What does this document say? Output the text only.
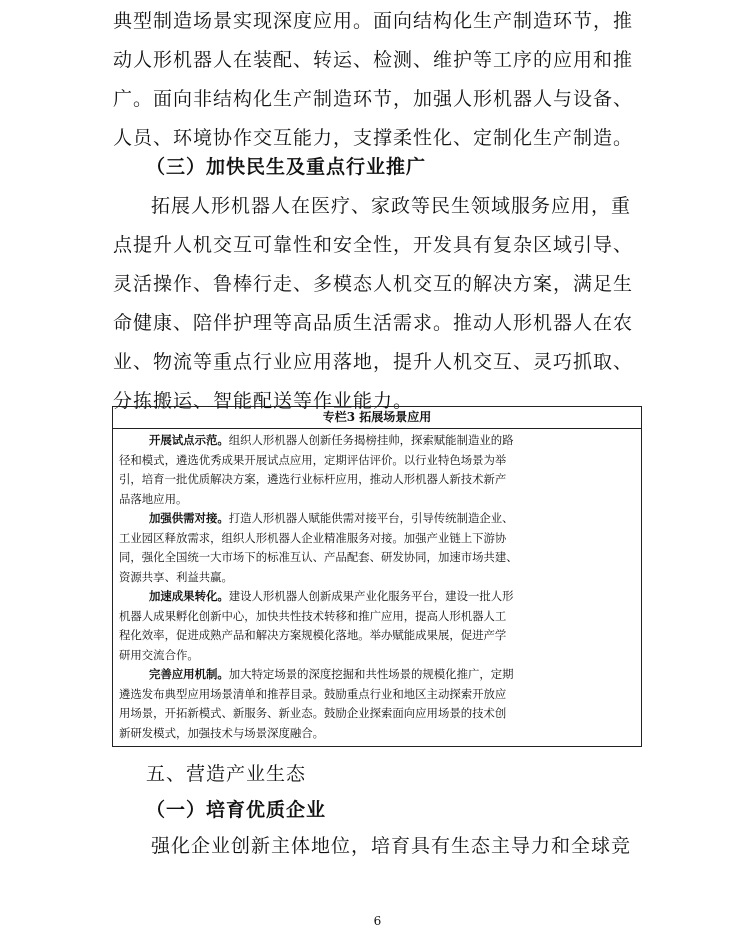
典型制造场景实现深度应用。面向结构化生产制造环节，推
动人形机器人在装配、转运、检测、维护等工序的应用和推
广。面向非结构化生产制造环节，加强人形机器人与设备、
人员、环境协作交互能力，支撑柔性化、定制化生产制造。
（三）加快民生及重点行业推广
拓展人形机器人在医疗、家政等民生领域服务应用，重
点提升人机交互可靠性和安全性，开发具有复杂区域引导、
灵活操作、鲁棒行走、多模态人机交互的解决方案，满足生
命健康、陪伴护理等高品质生活需求。推动人形机器人在农
业、物流等重点行业应用落地，提升人机交互、灵巧抓取、
分拣搬运、智能配送等作业能力。
专栏3 拓展场景应用
开展试点示范。组织人形机器人创新任务揭榜挂帅，探索赋能制造业的路
径和模式，遴选优秀成果开展试点应用，定期评估评价。以行业特色场景为举
引，培育一批优质解决方案，遴选行业标杆应用，推动人形机器人新技术新产
品落地应用。
加强供需对接。打造人形机器人赋能供需对接平台，引导传统制造企业、
工业园区释放需求，组织人形机器人企业精准服务对接。加强产业链上下游协
同，强化全国统一大市场下的标准互认、产品配套、研发协同，加速市场共建、
资源共享、利益共赢。
加速成果转化。建设人形机器人创新成果产业化服务平台，建设一批人形
机器人成果孵化创新中心，加快共性技术转移和推广应用，提高人形机器人工
程化效率，促进成熟产品和解决方案规模化落地。举办赋能成果展，促进产学
研用交流合作。
完善应用机制。加大特定场景的深度挖掘和共性场景的规模化推广，定期
遴选发布典型应用场景清单和推荐目录。鼓励重点行业和地区主动探索开放应
用场景，开拓新模式、新服务、新业态。鼓励企业探索面向应用场景的技术创
新研发模式，加强技术与场景深度融合。
五、营造产业生态
（一）培育优质企业
强化企业创新主体地位，培育具有生态主导力和全球竞
6
